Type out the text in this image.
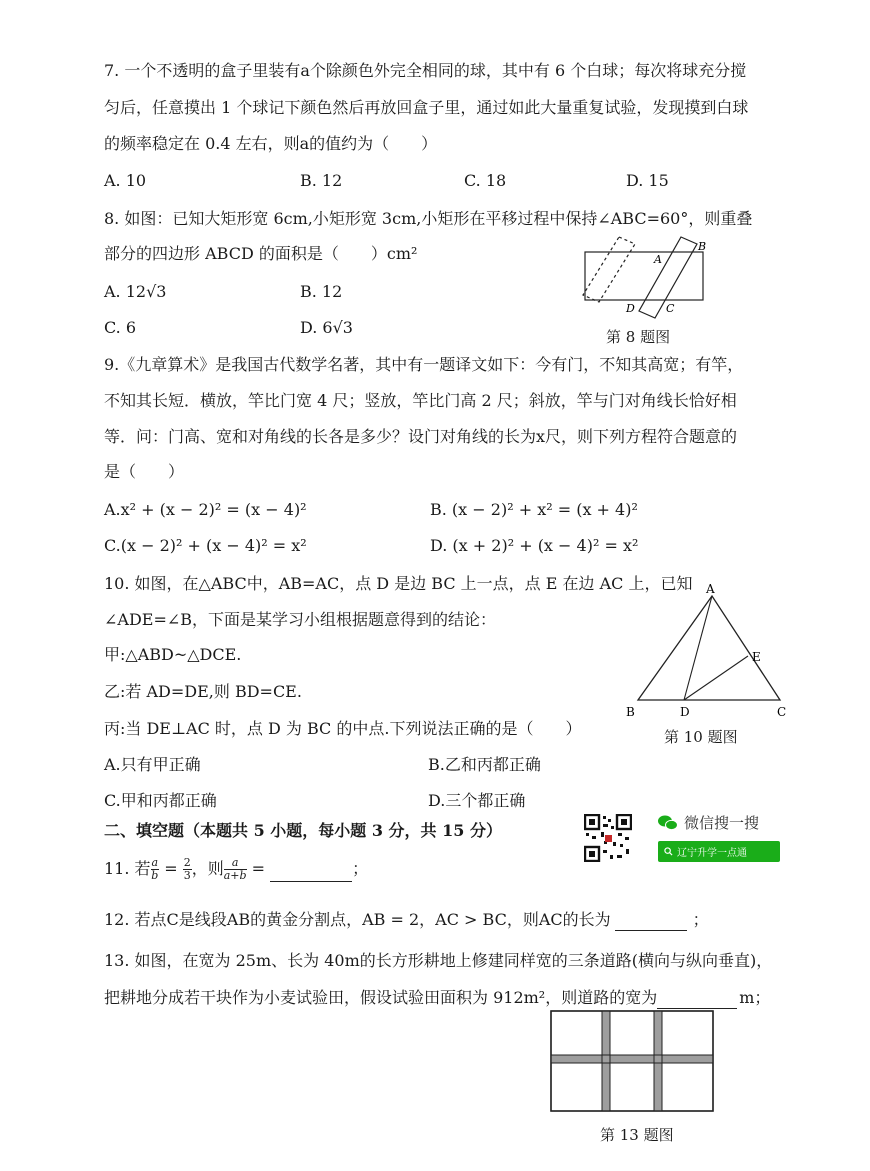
7. 一个不透明的盒子里装有a个除颜色外完全相同的球，其中有 6 个白球；每次将球充分搅
匀后，任意摸出 1 个球记下颜色然后再放回盒子里，通过如此大量重复试验，发现摸到白球
的频率稳定在 0.4 左右，则a的值约为（　　）
A. 10	B. 12	C. 18	D. 15
8. 如图：已知大矩形宽 6cm,小矩形宽 3cm,小矩形在平移过程中保持∠ABC=60°，则重叠
部分的四边形 ABCD 的面积是（　　）cm²
A. 12√3	B. 12
C. 6	D. 6√3
A
B
C
D
第 8 题图
9.《九章算术》是我国古代数学名著，其中有一题译文如下：今有门，不知其高宽；有竿，
不知其长短．横放，竿比门宽 4 尺；竖放，竿比门高 2 尺；斜放，竿与门对角线长恰好相
等．问：门高、宽和对角线的长各是多少？设门对角线的长为x尺，则下列方程符合题意的
是（　　）
A.x² + (x − 2)² = (x − 4)²	B. (x − 2)² + x² = (x + 4)²
C.(x − 2)² + (x − 4)² = x²	D. (x + 2)² + (x − 4)² = x²
10. 如图，在△ABC中，AB=AC，点 D 是边 BC 上一点，点 E 在边 AC 上，已知
∠ADE=∠B，下面是某学习小组根据题意得到的结论：
甲:△ABD~△DCE.
乙:若 AD=DE,则 BD=CE.
丙:当 DE⊥AC 时，点 D 为 BC 的中点.下列说法正确的是（　　）
A.只有甲正确	B.乙和丙都正确
C.甲和丙都正确	D.三个都正确
A
B	C
D
E
第 10 题图
二、填空题（本题共 5 小题，每小题 3 分，共 15 分）	微信搜一搜
辽宁升学一点通
11. 若 $\frac{a}{b} = \frac{2}{3}$ ，则 $\frac{a}{a+b}$ =	；
12. 若点C是线段AB的黄金分割点，AB = 2，AC > BC，则AC的长为	；
13. 如图，在宽为 25m、长为 40m的长方形耕地上修建同样宽的三条道路(横向与纵向垂直)，
把耕地分成若干块作为小麦试验田，假设试验田面积为 912m²，则道路的宽为	m；
第 13 题图
